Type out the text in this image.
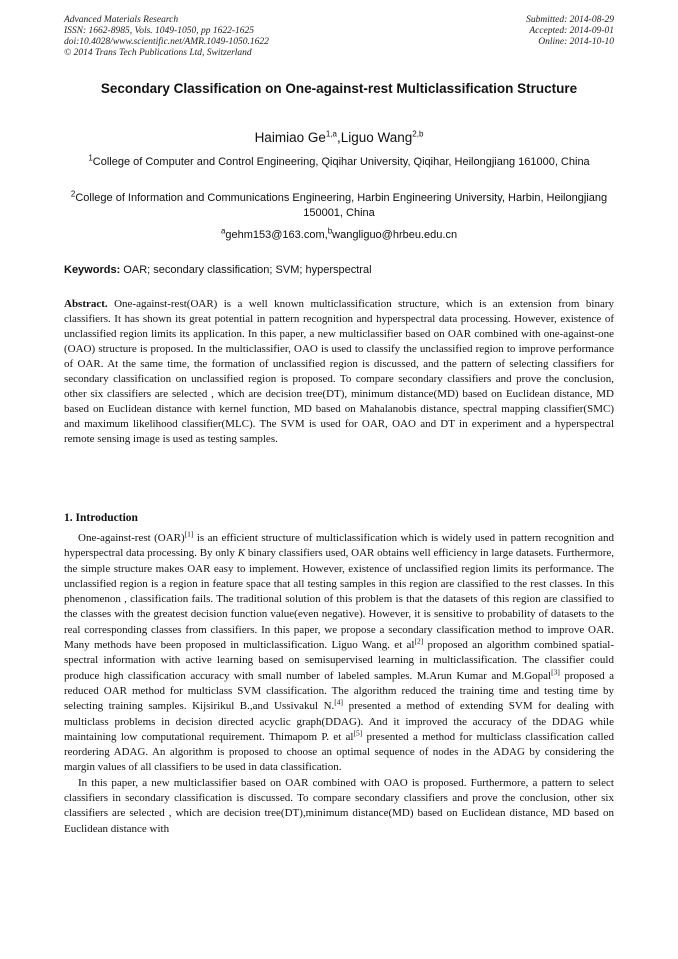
Advanced Materials Research
ISSN: 1662-8985, Vols. 1049-1050, pp 1622-1625
doi:10.4028/www.scientific.net/AMR.1049-1050.1622
© 2014 Trans Tech Publications Ltd, Switzerland
Submitted: 2014-08-29
Accepted: 2014-09-01
Online: 2014-10-10
Secondary Classification on One-against-rest Multiclassification Structure
Haimiao Ge$^{1,a}$,Liguo Wang$^{2,b}$
$^1$College of Computer and Control Engineering, Qiqihar University, Qiqihar, Heilongjiang 161000, China
$^2$College of Information and Communications Engineering, Harbin Engineering University, Harbin, Heilongjiang 150001, China
$^a$gehm153@163.com,$^b$wangliguo@hrbeu.edu.cn
Keywords: OAR; secondary classification; SVM; hyperspectral
Abstract. One-against-rest(OAR) is a well known multiclassification structure, which is an extension from binary classifiers. It has shown its great potential in pattern recognition and hyperspectral data processing. However, existence of unclassified region limits its application. In this paper, a new multiclassifier based on OAR combined with one-against-one (OAO) structure is proposed. In the multiclassifier, OAO is used to classify the unclassified region to improve performance of OAR. At the same time, the formation of unclassified region is discussed, and the pattern of selecting classifiers for secondary classification on unclassified region is proposed. To compare secondary classifiers and prove the conclusion, other six classifiers are selected , which are decision tree(DT), minimum distance(MD) based on Euclidean distance, MD based on Euclidean distance with kernel function, MD based on Mahalanobis distance, spectral mapping classifier(SMC) and maximum likelihood classifier(MLC). The SVM is used for OAR, OAO and DT in experiment and a hyperspectral remote sensing image is used as testing samples.
1. Introduction

One-against-rest (OAR)[1] is an efficient structure of multiclassification which is widely used in pattern recognition and hyperspectral data processing. By only K binary classifiers used, OAR obtains well efficiency in large datasets. Furthermore, the simple structure makes OAR easy to implement. However, existence of unclassified region limits its performance. The unclassified region is a region in feature space that all testing samples in this region are classified to the rest classes. In this phenomenon , classification fails. The traditional solution of this problem is that the datasets of this region are classified to the classes with the greatest decision function value(even negative). However, it is sensitive to probability of datasets to the real corresponding classes from classifiers. In this paper, we propose a secondary classification method to improve OAR. Many methods have been proposed in multiclassification. Liguo Wang. et al[2] proposed an algorithm combined spatial-spectral information with active learning based on semisupervised learning in multiclassification. The classifier could produce high classification accuracy with small number of labeled samples. M.Arun Kumar and M.Gopal[3] proposed a reduced OAR method for multiclass SVM classification. The algorithm reduced the training time and testing time by selecting training samples. Kijsirikul B.,and Ussivakul N.[4] presented a method of extending SVM for dealing with multiclass problems in decision directed acyclic graph(DDAG). And it improved the accuracy of the DDAG while maintaining low computational requirement. Thimapom P. et al[5] presented a method for multiclass classification called reordering ADAG. An algorithm is proposed to choose an optimal sequence of nodes in the ADAG by considering the margin values of all classifiers to be used in data classification.

In this paper, a new multiclassifier based on OAR combined with OAO is proposed. Furthermore, a pattern to select classifiers in secondary classification is discussed. To compare secondary classifiers and prove the conclusion, other six classifiers are selected , which are decision tree(DT),minimum distance(MD) based on Euclidean distance, MD based on Euclidean distance with
